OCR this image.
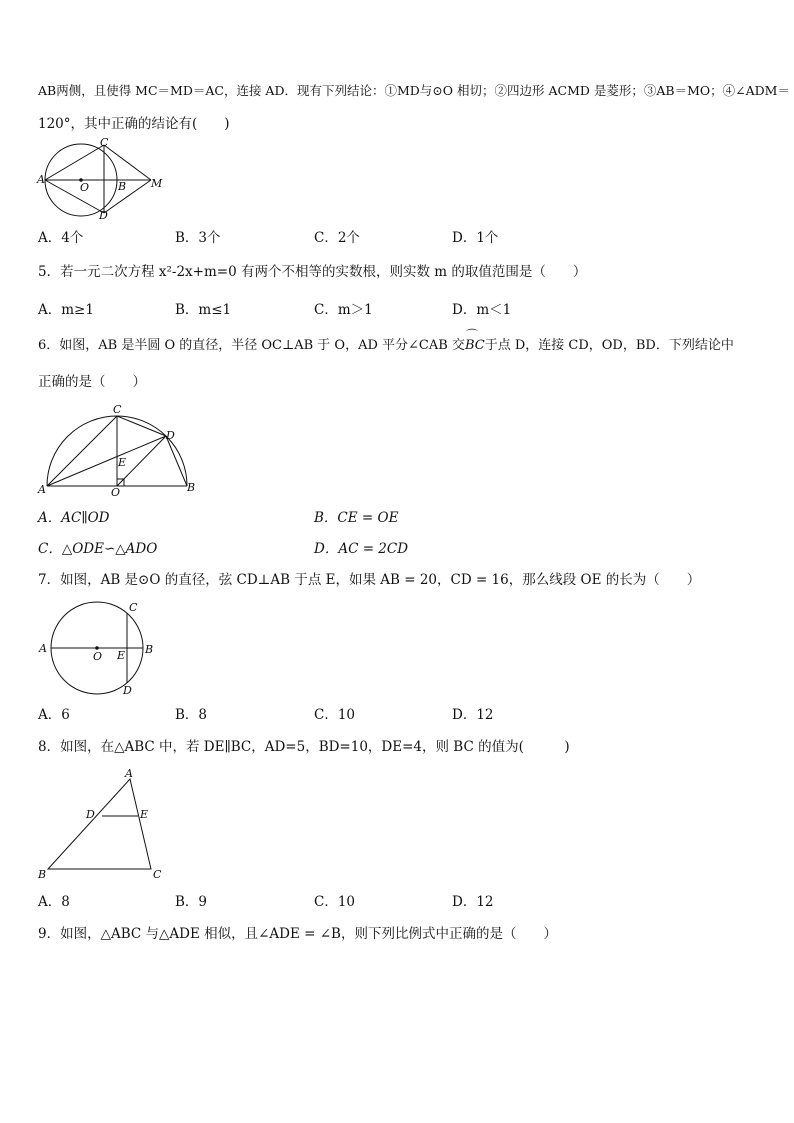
AB两侧，且使得 MC＝MD＝AC，连接 AD．现有下列结论：①MD与⊙O 相切；②四边形 ACMD 是菱形；③AB＝MO；④∠ADM＝
120°，其中正确的结论有(　　)
C
A
O	B M
D
A．4个	B．3个	C．2个	D．1个
5．若一元二次方程 x²-2x+m=0 有两个不相等的实数根，则实数 m 的取值范围是（　　）
A．m≥1	B．m≤1	C．m＞1	D．m＜1
6．如图，AB 是半圆 O 的直径，半径 OC⊥AB 于 O，AD 平分∠CAB 交⌒ BC于点 D，连接 CD，OD，BD．下列结论中
正确的是（　　）
C
D
E
A	O	B
A．AC∥OD	B．CE = OE
C．△ODE∽△ADO	D．AC = 2CD
7．如图，AB 是⊙O 的直径，弦 CD⊥AB 于点 E，如果 AB = 20，CD = 16，那么线段 OE 的长为（　　）
C
A
O E B
D
A．6	B．8	C．10	D．12
8．如图，在△ABC 中，若 DE∥BC，AD=5，BD=10，DE=4，则 BC 的值为(　　　)
A
D	E
B	C
A．8	B．9	C．10	D．12
9．如图，△ABC 与△ADE 相似，且∠ADE = ∠B，则下列比例式中正确的是（　　）
